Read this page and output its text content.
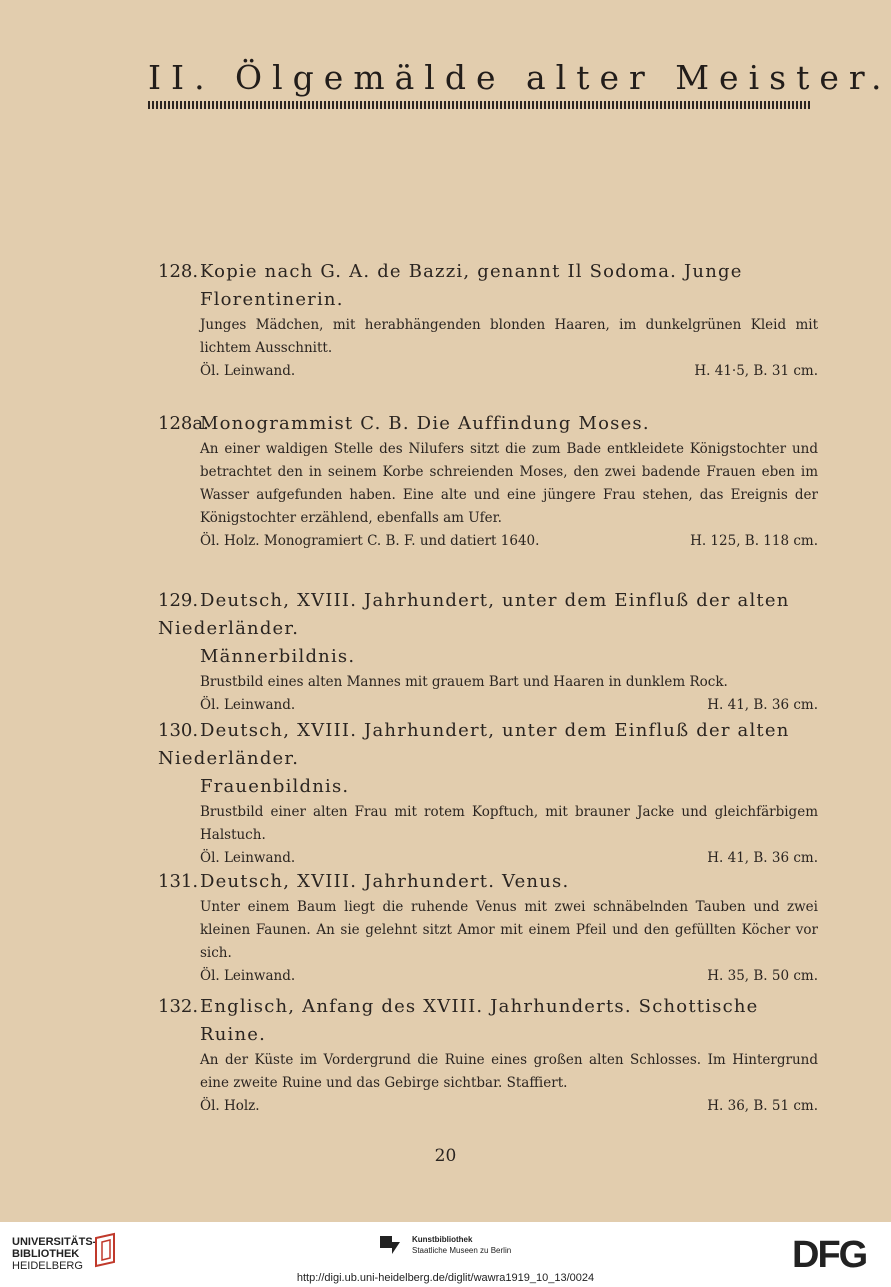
II. Ölgemälde alter Meister.
128. Kopie nach G. A. de Bazzi, genannt Il Sodoma. Junge
Florentinerin.
Junges Mädchen, mit herabhängenden blonden Haaren, im dunkelgrünen Kleid mit lichtem Ausschnitt.
Öl. Leinwand.	H. 41·5, B. 31 cm.
128a.Monogrammist C. B. Die Auffindung Moses.
An einer waldigen Stelle des Nilufers sitzt die zum Bade entkleidete Königstochter und betrachtet den in seinem Korbe schreienden Moses, den zwei badende Frauen eben im Wasser aufgefunden haben. Eine alte und eine jüngere Frau stehen, das Ereignis der Königstochter erzählend, ebenfalls am Ufer.
Öl. Holz. Monogramiert C. B. F. und datiert 1640.	H. 125, B. 118 cm.
129. Deutsch, XVIII. Jahrhundert, unter dem Einfluß der alten Niederländer.
Männerbildnis.
Brustbild eines alten Mannes mit grauem Bart und Haaren in dunklem Rock.
Öl. Leinwand.	H. 41, B. 36 cm.
130. Deutsch, XVIII. Jahrhundert, unter dem Einfluß der alten Niederländer.
Frauenbildnis.
Brustbild einer alten Frau mit rotem Kopftuch, mit brauner Jacke und gleichfärbigem Halstuch.
Öl. Leinwand.	H. 41, B. 36 cm.
131. Deutsch, XVIII. Jahrhundert. Venus.
Unter einem Baum liegt die ruhende Venus mit zwei schnäbelnden Tauben und zwei kleinen Faunen. An sie gelehnt sitzt Amor mit einem Pfeil und den gefüllten Köcher vor sich.
Öl. Leinwand.	H. 35, B. 50 cm.
132. Englisch, Anfang des XVIII. Jahrhunderts. Schottische
Ruine.
An der Küste im Vordergrund die Ruine eines großen alten Schlosses. Im Hintergrund eine zweite Ruine und das Gebirge sichtbar. Staffiert.
Öl. Holz.	H. 36, B. 51 cm.
20
UNIVERSITÄTS-
BIBLIOTHEK
HEIDELBERG
Kunstbibliothek
Staatliche Museen zu Berlin	DFG
http://digi.ub.uni-heidelberg.de/diglit/wawra1919_10_13/0024
